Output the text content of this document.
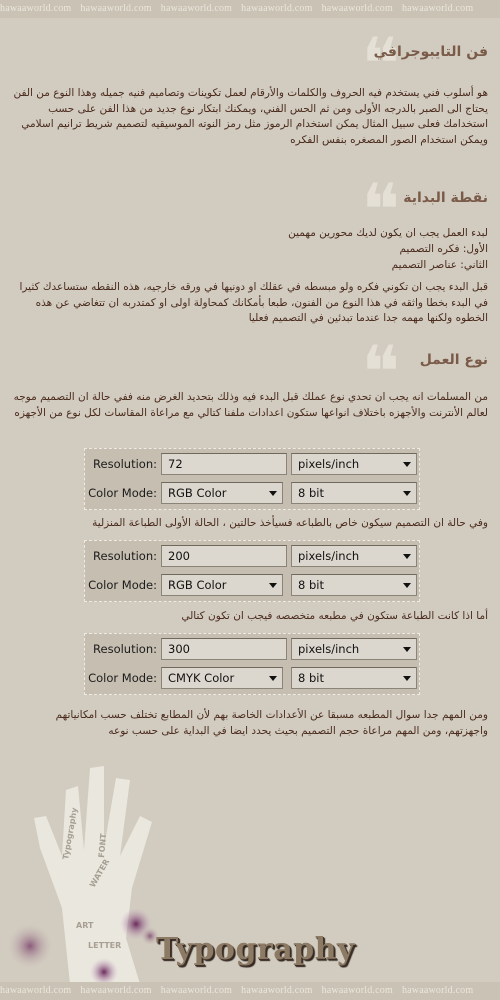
hawaaworld.com hawaaworld.com hawaaworld.com hawaaworld.com hawaaworld.com hawaaworld.com
❝
فن التايبوجرافي

هو أسلوب فني يستخدم فيه الحروف والكلمات والأرقام لعمل تكوينات وتصاميم فنيه جميله وهذا النوع من الفن يحتاج الى الصبر بالدرجه الأولى ومن ثم الحس الفني، ويمكنك ابتكار نوع جديد من هذا الفن على حسب استخدامك فعلى سبيل المثال يمكن استخدام الرموز مثل رمز النوته الموسيقيه لتصميم شريط ترانيم اسلامي ويمكن استخدام الصور المصغره بنفس الفكره

❝ نقطة البداية

لبدء العمل يجب ان يكون لديك محورين مهمين

الأول: فكره التصميم

الثاني: عناصر التصميم

قبل البدء يجب ان تكوني فكره ولو مبسطه في عقلك او دونيها في ورقه خارجيه، هذه النقطه ستساعدك كثيرا في البدء بخطا واثقه في هذا النوع من الفنون، طبعا بأمكانك كمحاولة اولى او كمتدربه ان تتغاضي عن هذه الخطوه ولكنها مهمه جدا عندما تبدئين في التصميم فعليا

❝ نوع العمل

من المسلمات انه يجب ان تحدي نوع عملك قبل البدء فيه وذلك بتحديد الغرض منه ففي حالة ان التصميم موجه لعالم الأنترنت والأجهزه باختلاف انواعها ستكون اعدادات ملفنا كتالي مع مراعاة المقاسات لكل نوع من الأجهزه

Resolution: 72	pixels/inch
Color Mode: RGB Color	8 bit

وفي حالة ان التصميم سيكون خاص بالطباعه فسيأخذ حالتين ، الحالة الأولى الطباعة المنزلية

Resolution: 200	pixels/inch
Color Mode: RGB Color	8 bit

أما اذا كانت الطباعة ستكون في مطبعه متخصصه فيجب ان تكون كتالي

Resolution: 300	pixels/inch
Color Mode: CMYK Color	8 bit

ومن المهم جدا سوال المطبعه مسبقا عن الأعدادات الخاصة بهم لأن المطابع تختلف حسب امكانياتهم واجهزتهم، ومن المهم مراعاة حجم التصميم بحيث يحدد ايضا في البداية على حسب نوعه

Typography
WATER
ART
FONT
LETTER Typography
hawaaworld.com hawaaworld.com hawaaworld.com hawaaworld.com hawaaworld.com hawaaworld.com
